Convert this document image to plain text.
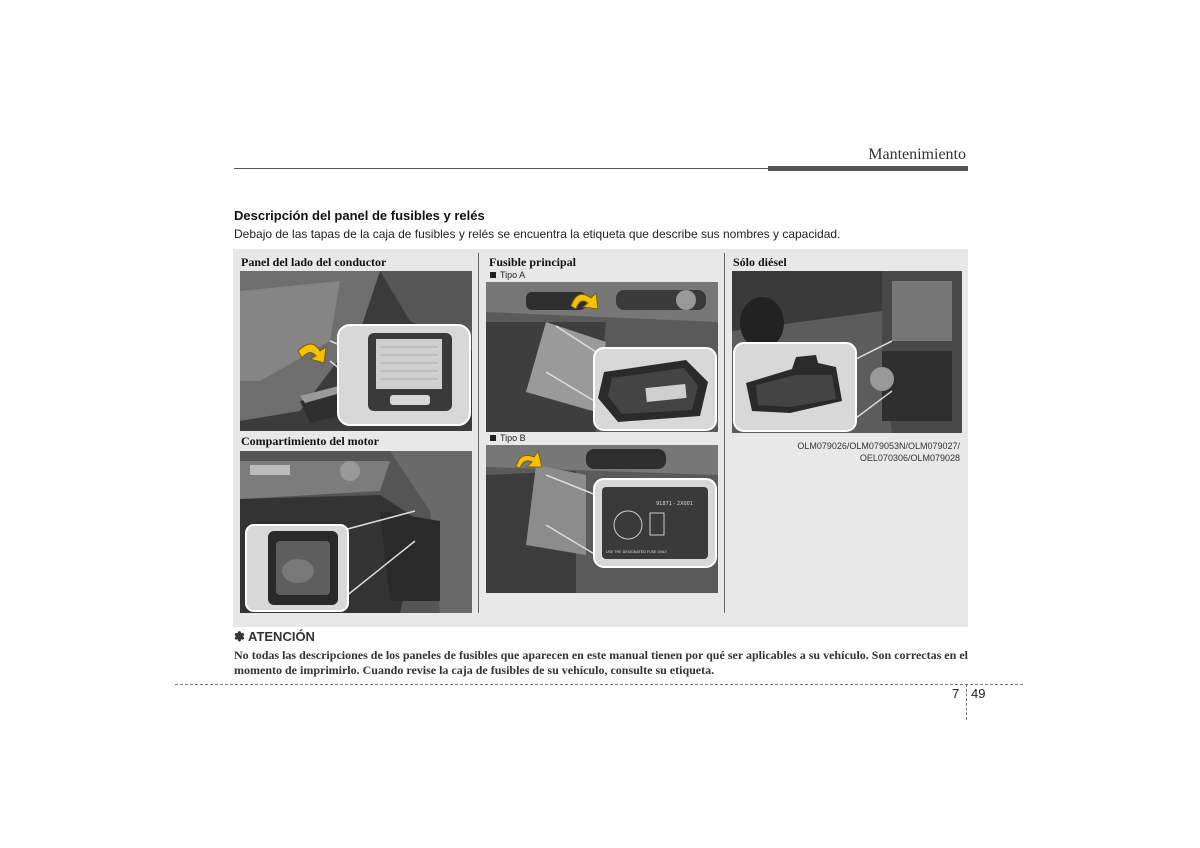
Mantenimiento
Descripción del panel de fusibles y relés
Debajo de las tapas de la caja de fusibles y relés se encuentra la etiqueta que describe sus nombres y capacidad.
Panel del lado del conductor
Compartimiento del motor
Fusible principal
Tipo A
Tipo B
91871 - 2X001
USE THE DESIGNATED FUSE ONLY
Sólo diésel
OLM079026/OLM079053N/OLM079027/
OEL070306/OLM079028
✽ ATENCIÓN
No todas las descripciones de los paneles de fusibles que aparecen en este manual tienen por qué ser aplicables a su vehículo. Son correctas en el momento de imprimirlo. Cuando revise la caja de fusibles de su vehículo, consulte su etiqueta.
7 49
